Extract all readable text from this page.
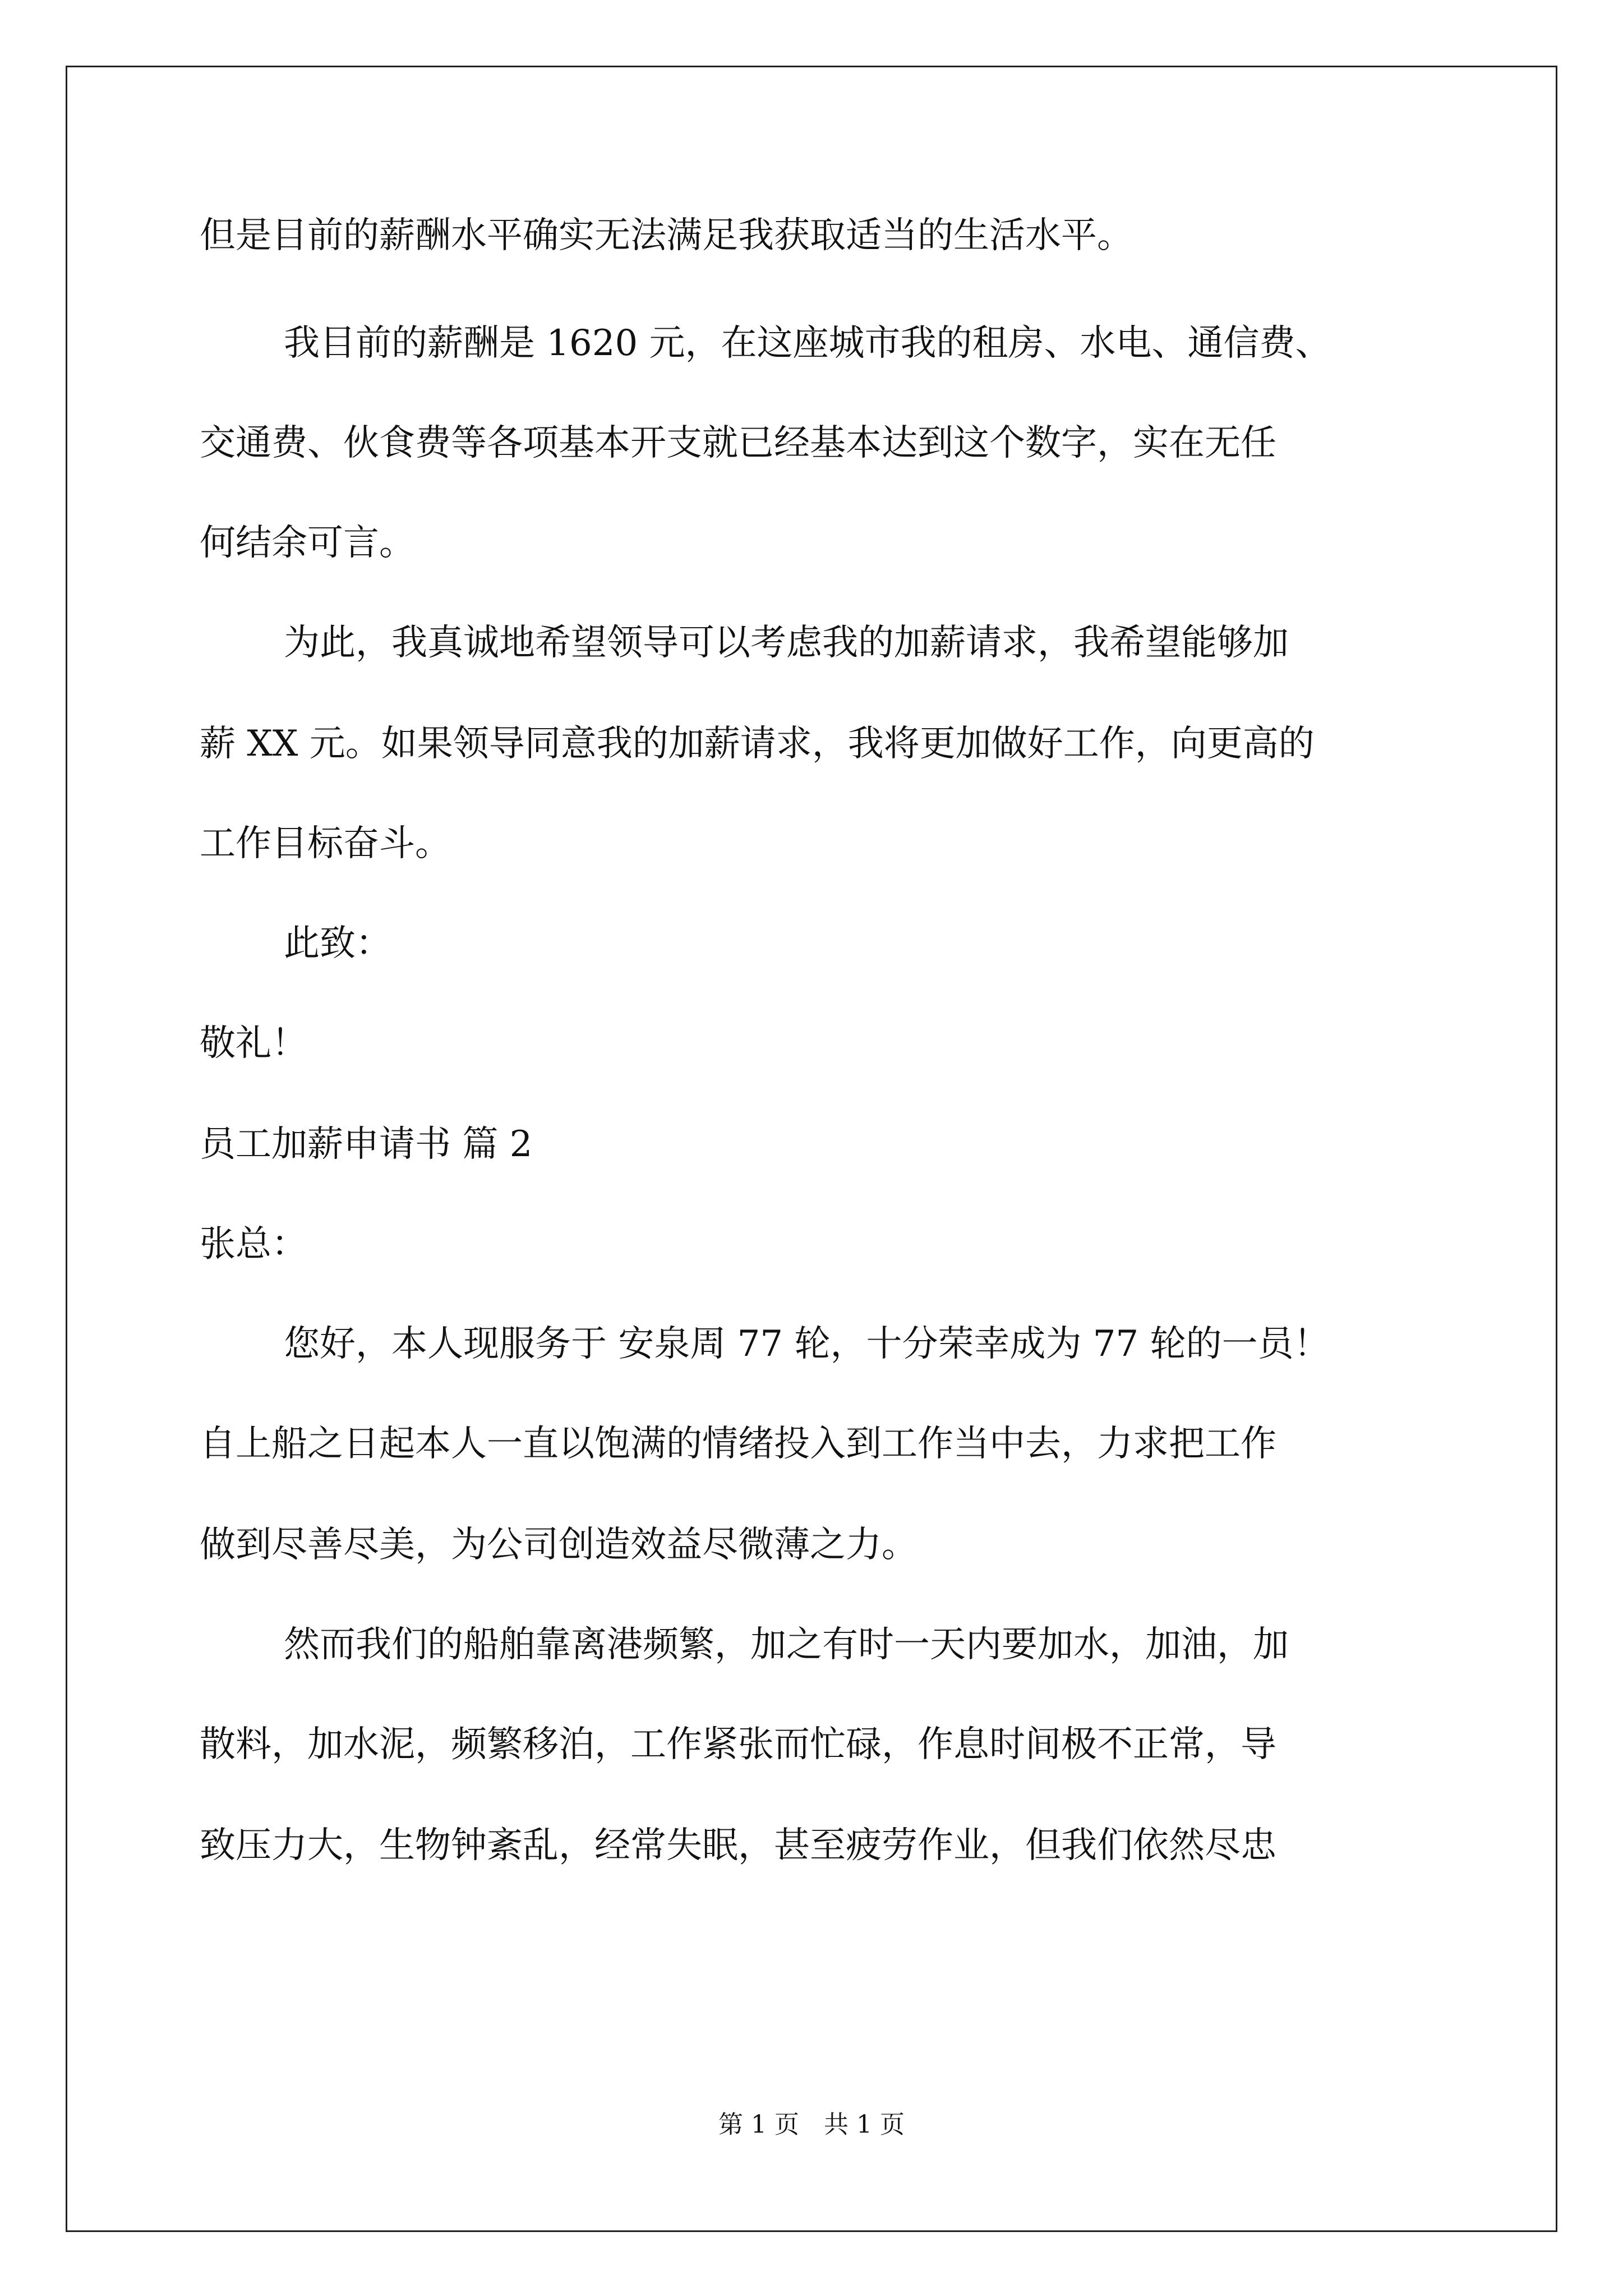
但是目前的薪酬水平确实无法满足我获取适当的生活水平。
我目前的薪酬是 1620 元，在这座城市我的租房、水电、通信费、
交通费、伙食费等各项基本开支就已经基本达到这个数字，实在无任
何结余可言。
为此，我真诚地希望领导可以考虑我的加薪请求，我希望能够加
薪 XX 元。如果领导同意我的加薪请求，我将更加做好工作，向更高的
工作目标奋斗。
此致：
敬礼！
员工加薪申请书 篇 2
张总：
您好，本人现服务于 安泉周 77 轮，十分荣幸成为 77 轮的一员！
自上船之日起本人一直以饱满的情绪投入到工作当中去，力求把工作
做到尽善尽美，为公司创造效益尽微薄之力。
然而我们的船舶靠离港频繁，加之有时一天内要加水，加油，加
散料，加水泥，频繁移泊，工作紧张而忙碌，作息时间极不正常，导
致压力大，生物钟紊乱，经常失眠，甚至疲劳作业，但我们依然尽忠
第 1 页　共 1 页
